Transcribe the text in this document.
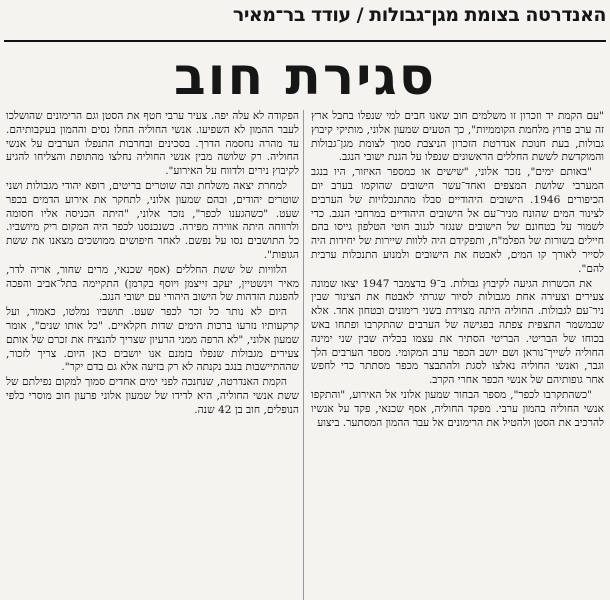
האנדרטה בצומת מגן־גבולות / עודד בר־מאיר
סגירת חוב

"עם הקמת יד וזכרון זו משלמים חוב שאנו חבים למי שנפלו בחבל ארץ זה ערב פרוץ מלחמת הקוממיות", כך הטעים שמעון אלוני, מותיקי קיבוץ גבולות, בעת חנוכת אנדרטת הזכרון הניצבת סמוך לצומת מגן־גבולות והמוקדשת לששת החללים הראשונים שנפלו על הגנת ישובי הנגב.

"באותם ימים", נזכר אלוני, "שישים או כמספר האיזור, היו בנגב המערבי שלושת המצפים ואחד־עשר הישובים שהוקמו בערב יום הכיפורים 1946. הישובים היהודיים סבלו מהתנכלויות של הערבים לצינור המים שהונח מניר־עם אל הישובים היהודיים במרחבי הנגב. כדי לשמור על בטחונם של הישובים שנגזר לגנוב חוטי הטלפון גייסו בהם חיילים בשורות של הפלמ"ח, ותפקידם היה ללוות שיירות של יחידות היה לסייר לאורך קו המים, לאבטח את הישובים ולמנוע התנכלות ערבית להם".

את הכשרות הגיעה לקיבוץ גבולות. ב־9 בדצמבר 1947 יצאו שמונה צעירים וצעירה אחת מגבולות לסיור שגרתי לאבטח את הצינור שבין ניר־עם לגבולות. החוליה היתה מצוידת בשני רימונים ובטחון אחד. אלא שבמשמר התצפית צפתה בפגישה של הערבים שהתקרבו ופתחו באש בכוחו של הבריטי. הבריטי הסתיר את עצמו בכליה שבין שני ימינה החוליה לשייך־נוראן ושם יושב הכפר ערב המקומי. מספר הערבים הלך וגבר, ואנשי החוליה נאלצו לסגת ולהתבצר מכפר מסתתר כדי לחפש אחר גופותיהם של אנשי הכפר אחרי הקרב.

"כשהתקרבו לכפר", מספר הבחור שמעון אלוני אל האירוע, "והתקפו אנשי החוליה בהמון ערבי. מפקד החוליה, אסף שכנאי, פקד על אנשיו להרכיב את הסטן ולהטיל את הרימונים אל עבר ההמון המסתער. ביצוע

הפקודה לא עלה יפה. צעיר ערבי חטף את הסטן וגם הרימונים שהושלכו לעבר ההמון לא השפיעו. אנשי החוליה החלו נסים וההמון בעקבותיהם. עד מהרה נחסמה הדרך. בסכינים ובחרבות התנפלו הערבים על אנשי החוליה. רק שלושה מבין אנשי החוליה נחלצו מהתופת והצליחו להגיע לקיבוץ נירים ולדווח על האירוע".

למחרת יצאה משלחת ובה שוטרים בריטים, רופא יהודי מגבולות ושני שוטרים יהודים, ובהם שמעון אלוני, לתחקר את אירוע הדמים בכפר שעט. "כשהגענו לכפר", נזכר אלוני, "היתה הכניסה אליו חסומה ולרווחה היתה אווירה מפירה. כשנכנסנו לכפר היה המקום ריק מיושביו. כל התושבים נסו על נפשם. לאחר חיפושים ממושכים מצאנו את ששת הגופות".

הלוויות של ששת החללים (אסף שכנאי, מרים שחור, אריה לדר, מאיר וינשטיין, יעקב זייצמן ויוסף בקרמן) התקיימה בתל־אביב והפכה להפגנת הזדהות של הישוב היהודי עם ישובי הנגב.

היום לא נותר כל זכר לכפר שעט. תושביו נמלטו, כאמור, ועל קרקעותיו נזרעו ברכות הימים שדות חקלאיים. "כל אותו שנים", אומר שמעון אלוני, "לא הרפה ממני הרעיון שצריך להנציח את זכרם של אותם צעירים מגבולות שנפלו בזמנם אנו יושבים כאן היום. צריך לזכור, שההתיישבות בנגב נקנתה לא רק בזיעה אלא גם בדם יקר".

הקמת האנדרטה, שנחנכה לפני ימים אחדים סמוך למקום נפילתם של ששת אנשי החוליה, היא לדידו של שמעון אלוני פרעון חוב מוסרי כלפי הנופלים, חוב בן 42 שנה.
